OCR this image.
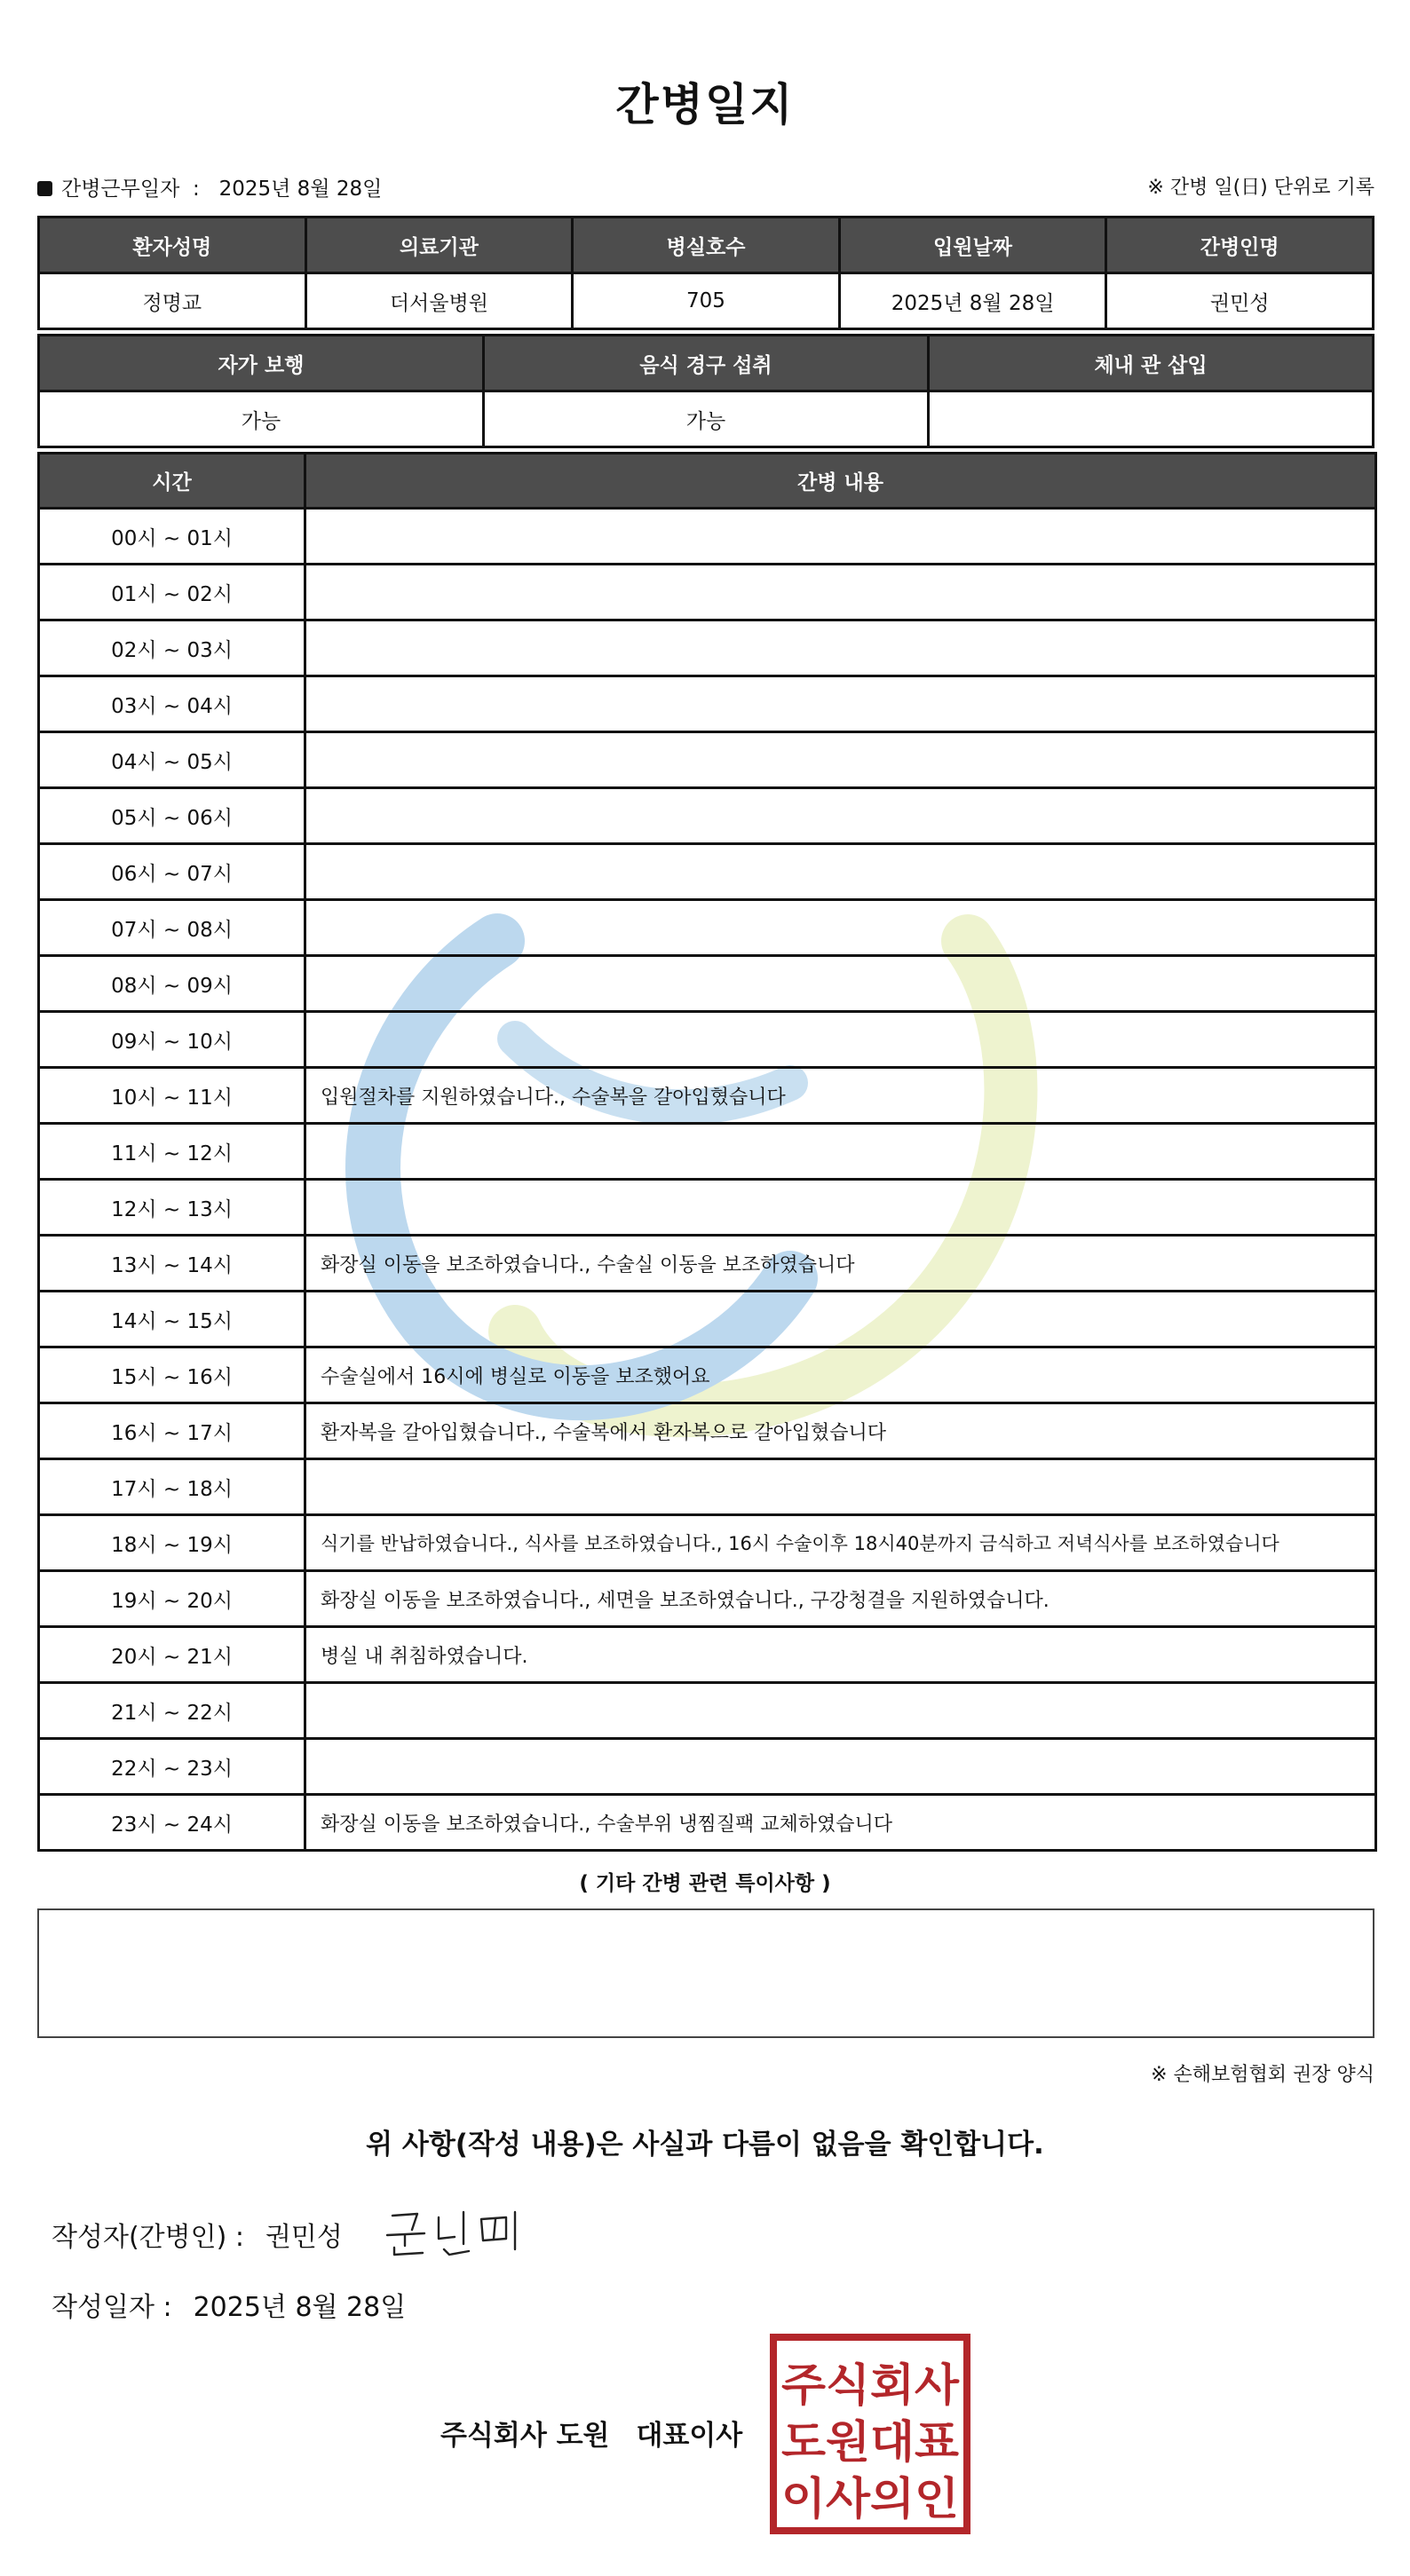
간병일지
간병근무일자 : 2025년 8월 28일	※ 간병 일(日) 단위로 기록
환자성명	의료기관	병실호수	입원날짜	간병인명
정명교	더서울병원	705	2025년 8월 28일	권민성
자가 보행	음식 경구 섭취	체내 관 삽입
가능	가능	
시간	간병 내용
00시 ~ 01시	
01시 ~ 02시	
02시 ~ 03시	
03시 ~ 04시	
04시 ~ 05시	
05시 ~ 06시	
06시 ~ 07시	
07시 ~ 08시	
08시 ~ 09시	
09시 ~ 10시	
10시 ~ 11시	입원절차를 지원하였습니다., 수술복을 갈아입혔습니다
11시 ~ 12시	
12시 ~ 13시	
13시 ~ 14시	화장실 이동을 보조하였습니다., 수술실 이동을 보조하였습니다
14시 ~ 15시	
15시 ~ 16시	수술실에서 16시에 병실로 이동을 보조했어요
16시 ~ 17시	환자복을 갈아입혔습니다., 수술복에서 환자복으로 갈아입혔습니다
17시 ~ 18시	
18시 ~ 19시	식기를 반납하였습니다., 식사를 보조하였습니다., 16시 수술이후 18시40분까지 금식하고 저녁식사를 보조하였습니다
19시 ~ 20시	화장실 이동을 보조하였습니다., 세면을 보조하였습니다., 구강청결을 지원하였습니다.
20시 ~ 21시	병실 내 취침하였습니다.
21시 ~ 22시	
22시 ~ 23시	
23시 ~ 24시	화장실 이동을 보조하였습니다., 수술부위 냉찜질팩 교체하였습니다
( 기타 간병 관련 특이사항 )
※ 손해보험협회 권장 양식
위 사항(작성 내용)은 사실과 다름이 없음을 확인합니다.
작성자(간병인) : 권민성
작성일자 : 2025년 8월 28일
주식회사 도원 대표이사
주식회사
도원대표
이사의인
